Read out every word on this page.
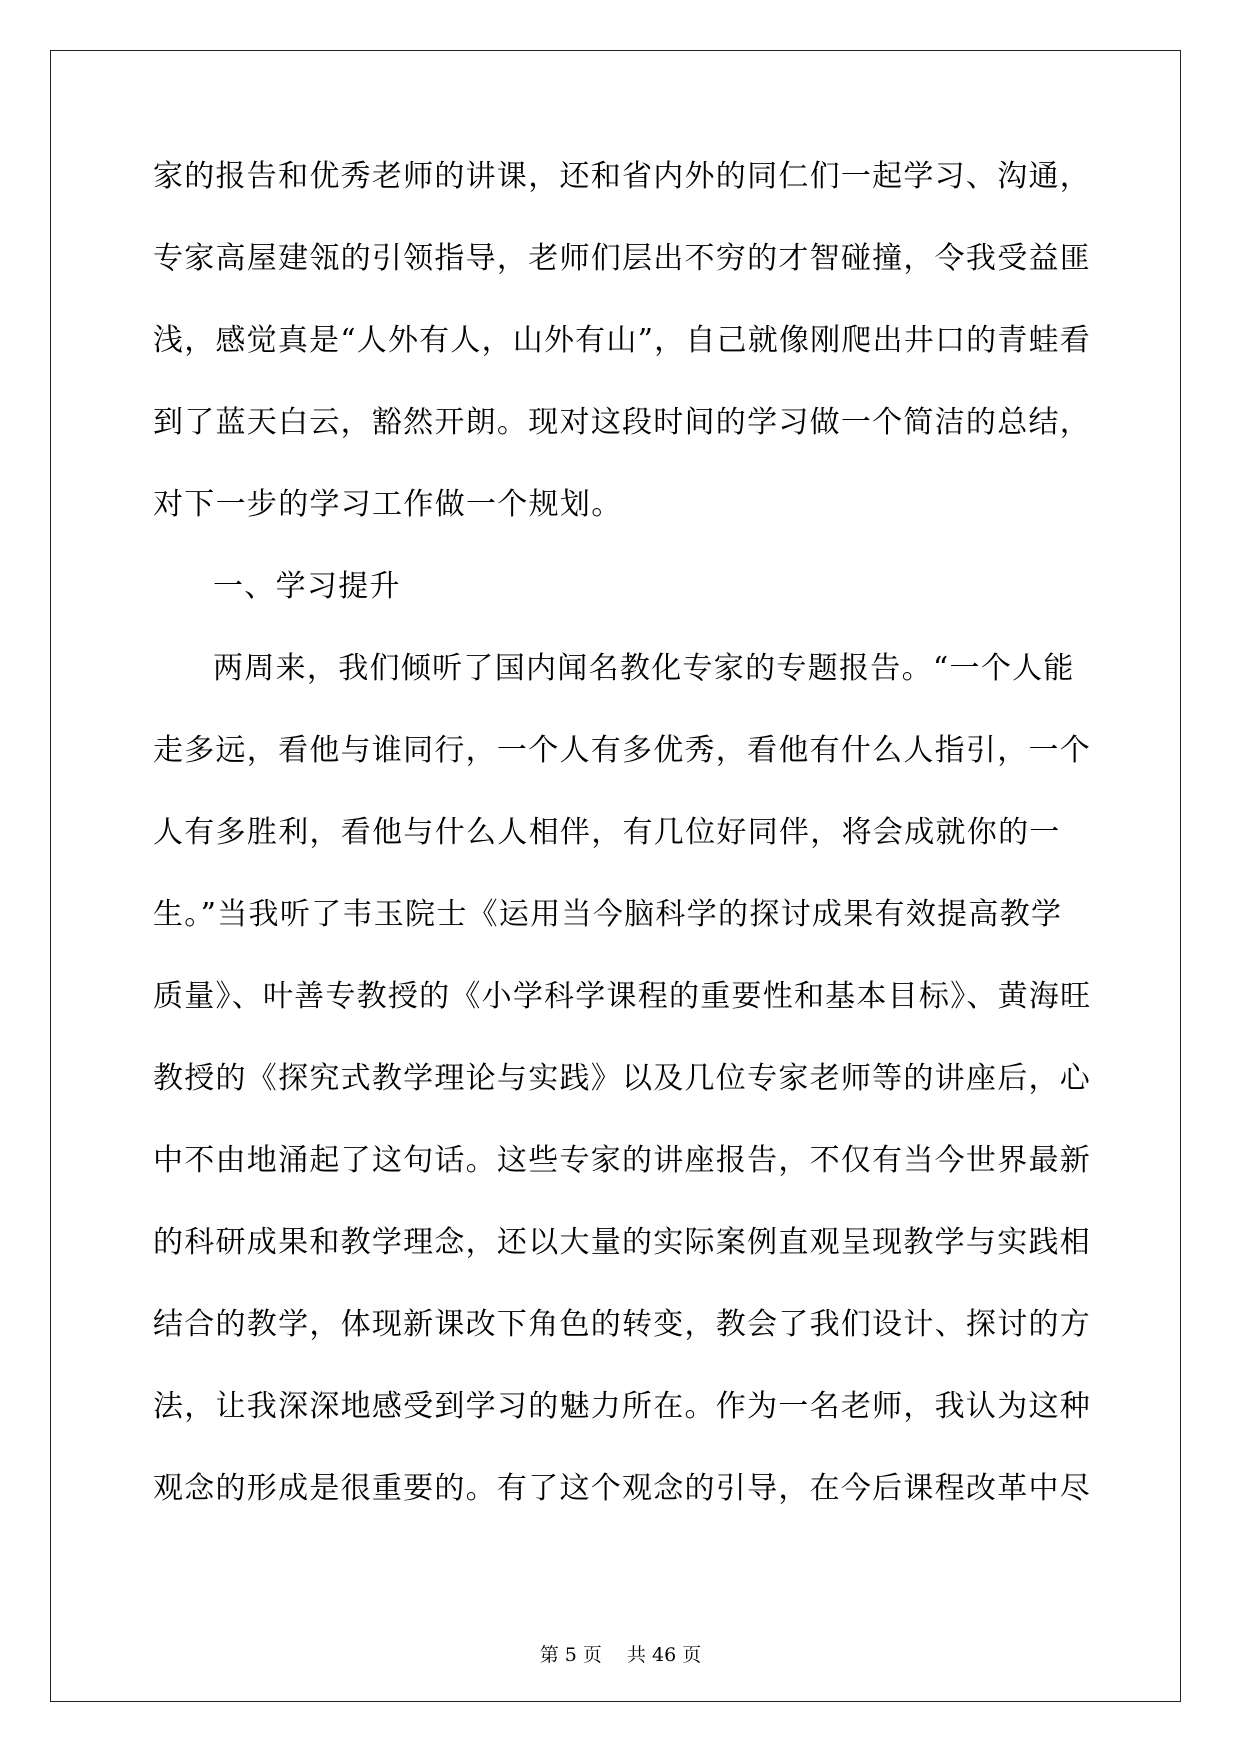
家的报告和优秀老师的讲课，还和省内外的同仁们一起学习、沟通，
专家高屋建瓴的引领指导，老师们层出不穷的才智碰撞，令我受益匪
浅，感觉真是“人外有人，山外有山”，自己就像刚爬出井口的青蛙看
到了蓝天白云，豁然开朗。现对这段时间的学习做一个简洁的总结，
对下一步的学习工作做一个规划。
一、学习提升
两周来，我们倾听了国内闻名教化专家的专题报告。“一个人能
走多远，看他与谁同行，一个人有多优秀，看他有什么人指引，一个
人有多胜利，看他与什么人相伴，有几位好同伴，将会成就你的一
生。”当我听了韦玉院士《运用当今脑科学的探讨成果有效提高教学
质量》、叶善专教授的《小学科学课程的重要性和基本目标》、黄海旺
教授的《探究式教学理论与实践》以及几位专家老师等的讲座后，心
中不由地涌起了这句话。这些专家的讲座报告，不仅有当今世界最新
的科研成果和教学理念，还以大量的实际案例直观呈现教学与实践相
结合的教学，体现新课改下角色的转变，教会了我们设计、探讨的方
法，让我深深地感受到学习的魅力所在。作为一名老师，我认为这种
观念的形成是很重要的。有了这个观念的引导，在今后课程改革中尽
第 5 页　 共 46 页
